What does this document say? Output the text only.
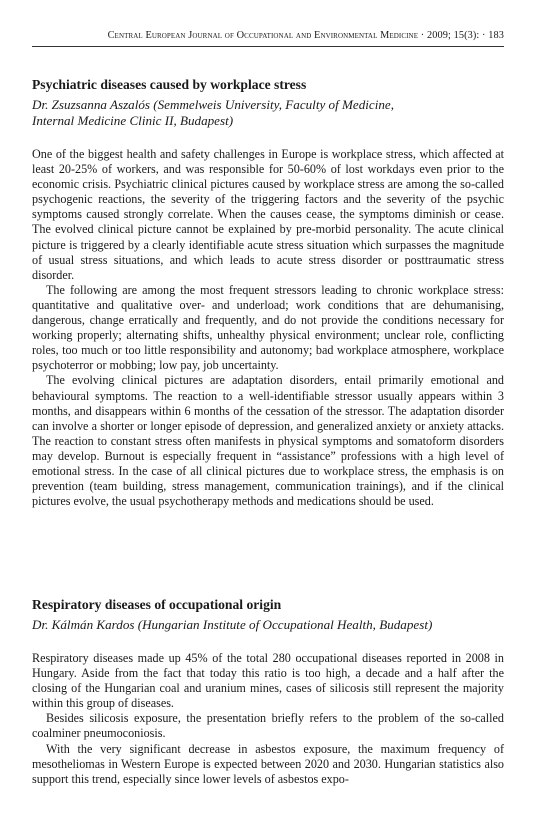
Central European Journal of Occupational and Environmental Medicine · 2009; 15(3): · 183
Psychiatric diseases caused by workplace stress
Dr. Zsuzsanna Aszalós (Semmelweis University, Faculty of Medicine,
Internal Medicine Clinic II, Budapest)

One of the biggest health and safety challenges in Europe is workplace stress, which affected at least 20-25% of workers, and was responsible for 50-60% of lost workdays even prior to the economic crisis. Psychiatric clinical pictures caused by workplace stress are among the so-called psychogenic reactions, the severity of the triggering factors and the severity of the psychic symptoms caused strongly correlate. When the causes cease, the symptoms diminish or cease. The evolved clinical picture cannot be explained by pre-morbid personality. The acute clinical picture is triggered by a clearly identifiable acute stress situation which surpasses the magnitude of usual stress situations, and which leads to acute stress disorder or posttraumatic stress disorder.

The following are among the most frequent stressors leading to chronic workplace stress: quantitative and qualitative over- and underload; work conditions that are dehumanising, dangerous, change erratically and frequently, and do not provide the conditions necessary for working properly; alternating shifts, unhealthy physical environment; unclear role, conflicting roles, too much or too little responsibility and autonomy; bad workplace atmosphere, workplace psychoterror or mobbing; low pay, job uncertainty.

The evolving clinical pictures are adaptation disorders, entail primarily emotional and behavioural symptoms. The reaction to a well-identifiable stressor usually appears within 3 months, and disappears within 6 months of the cessation of the stressor. The adaptation disorder can involve a shorter or longer episode of depression, and generalized anxiety or anxiety attacks. The reaction to constant stress often manifests in physical symptoms and somatoform disorders may develop. Burnout is especially frequent in “assistance” professions with a high level of emotional stress. In the case of all clinical pictures due to workplace stress, the emphasis is on prevention (team building, stress management, communication trainings), and if the clinical pictures evolve, the usual psychotherapy methods and medications should be used.

Respiratory diseases of occupational origin
Dr. Kálmán Kardos (Hungarian Institute of Occupational Health, Budapest)

Respiratory diseases made up 45% of the total 280 occupational diseases reported in 2008 in Hungary. Aside from the fact that today this ratio is too high, a decade and a half after the closing of the Hungarian coal and uranium mines, cases of silicosis still represent the majority within this group of diseases.

Besides silicosis exposure, the presentation briefly refers to the problem of the so-called coalminer pneumoconiosis.

With the very significant decrease in asbestos exposure, the maximum frequency of mesotheliomas in Western Europe is expected between 2020 and 2030. Hungarian statistics also support this trend, especially since lower levels of asbestos expo-
